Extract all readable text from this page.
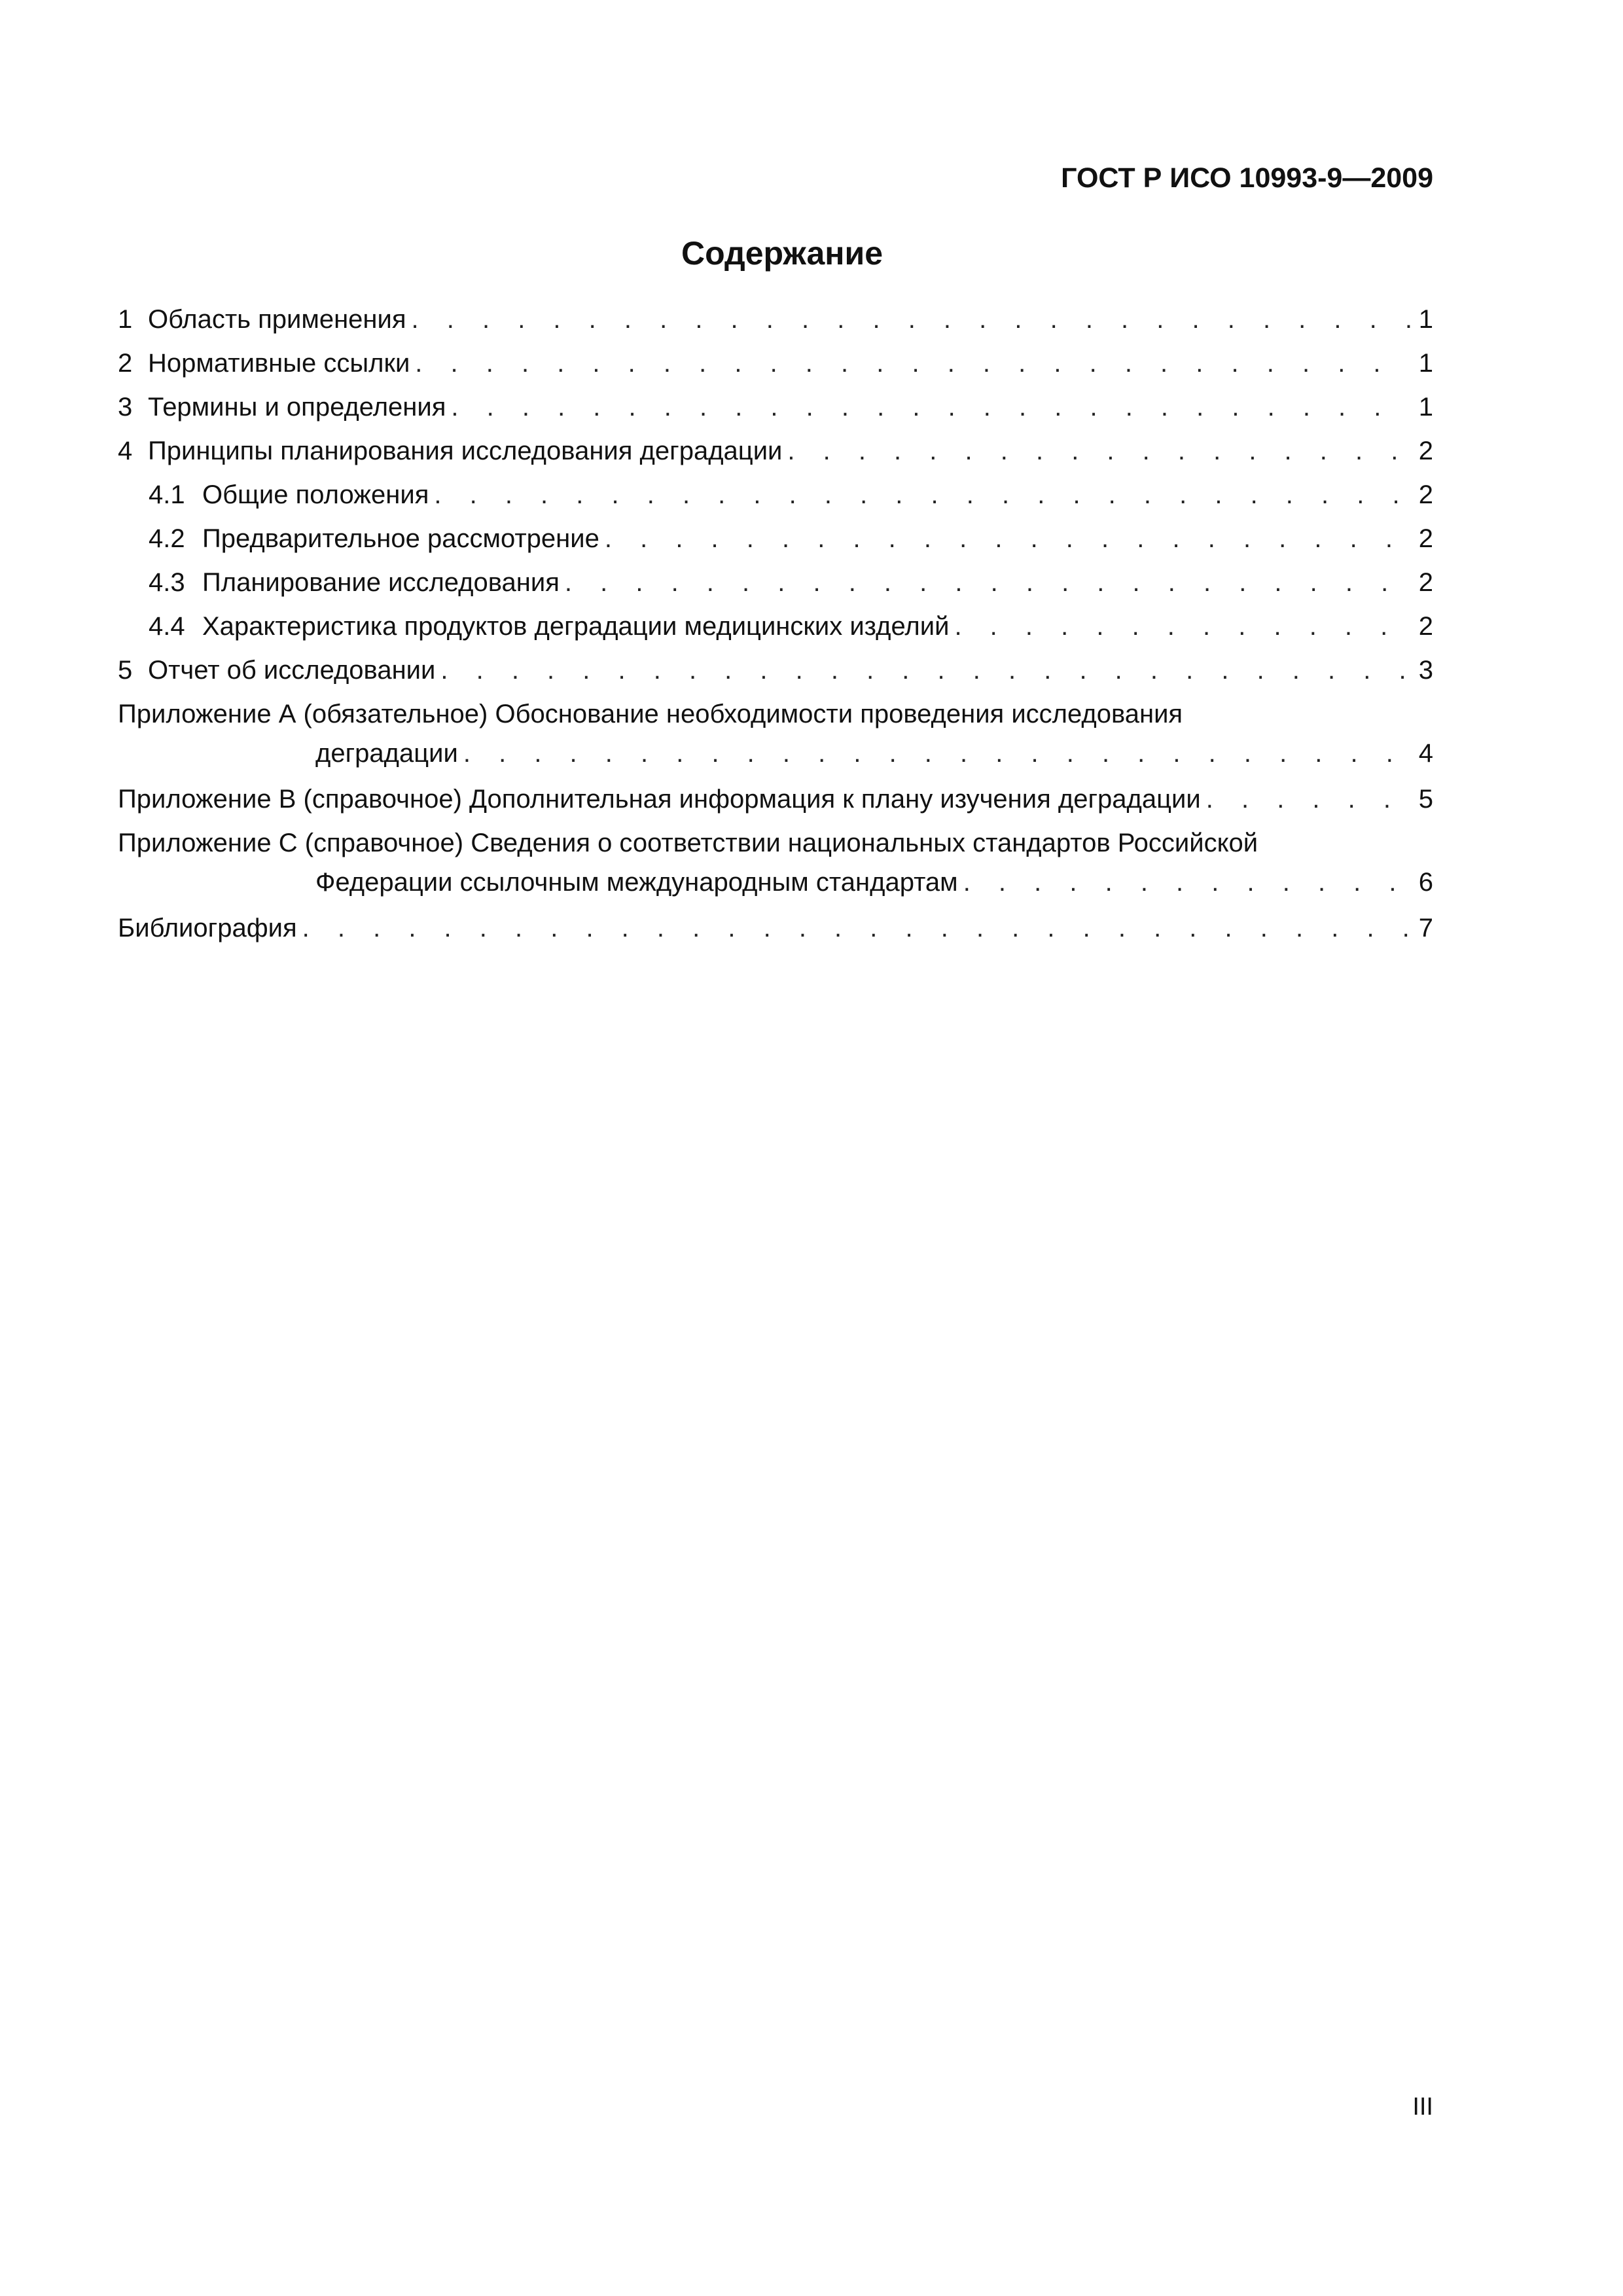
ГОСТ Р ИСО 10993-9—2009
Содержание
1 Область применения . . .	1
2 Нормативные ссылки . . .	1
3 Термины и определения . . .	1
4 Принципы планирования исследования деградации . . .	2
4.1 Общие положения . . .	2
4.2 Предварительное рассмотрение . . .	2
4.3 Планирование исследования . . .	2
4.4 Характеристика продуктов деградации медицинских изделий . . .	2
5 Отчет об исследовании . . .	3
Приложение А (обязательное) Обоснование необходимости проведения исследования
деградации . . .	4
Приложение В (справочное) Дополнительная информация к плану изучения деградации . . .	5
Приложение С (справочное) Сведения о соответствии национальных стандартов Российской
Федерации ссылочным международным стандартам . . .	6
Библиография . . .	7
III
